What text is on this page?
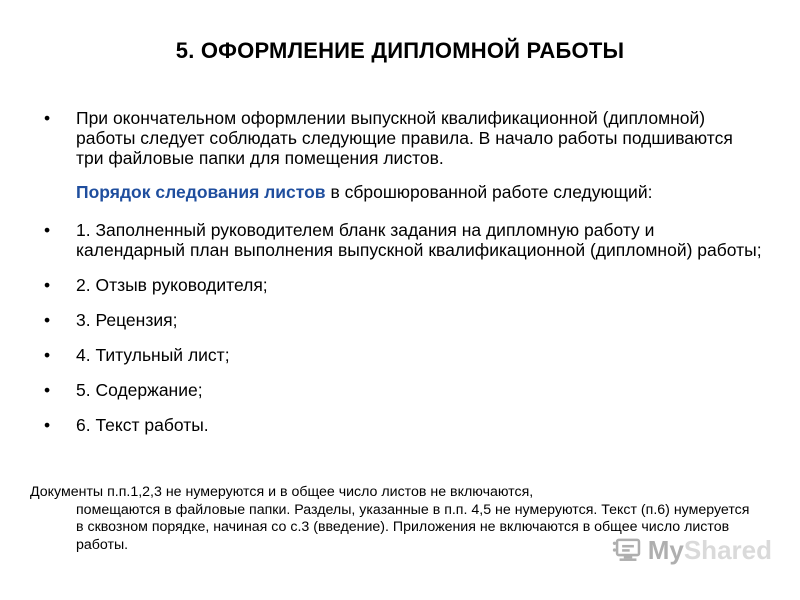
5. ОФОРМЛЕНИЕ ДИПЛОМНОЙ РАБОТЫ
• При окончательном оформлении выпускной квалификационной (дипломной) работы следует соблюдать следующие правила. В начало работы подшиваются три файловые папки для помещения листов.
Порядок следования листов в сброшюрованной работе следующий:
• 1. Заполненный руководителем бланк задания на дипломную работу и календарный план выполнения выпускной квалификационной (дипломной) работы;
• 2. Отзыв руководителя;
• 3. Рецензия;
• 4. Титульный лист;
• 5. Содержание;
• 6. Текст работы.
Документы п.п.1,2,3 не нумеруются и в общее число листов не включаются,
помещаются в файловые папки. Разделы, указанные в п.п. 4,5 не нумеруются. Текст (п.6) нумеруется в сквозном порядке, начиная со с.3 (введение). Приложения не включаются в общее число листов работы.	MyShared
